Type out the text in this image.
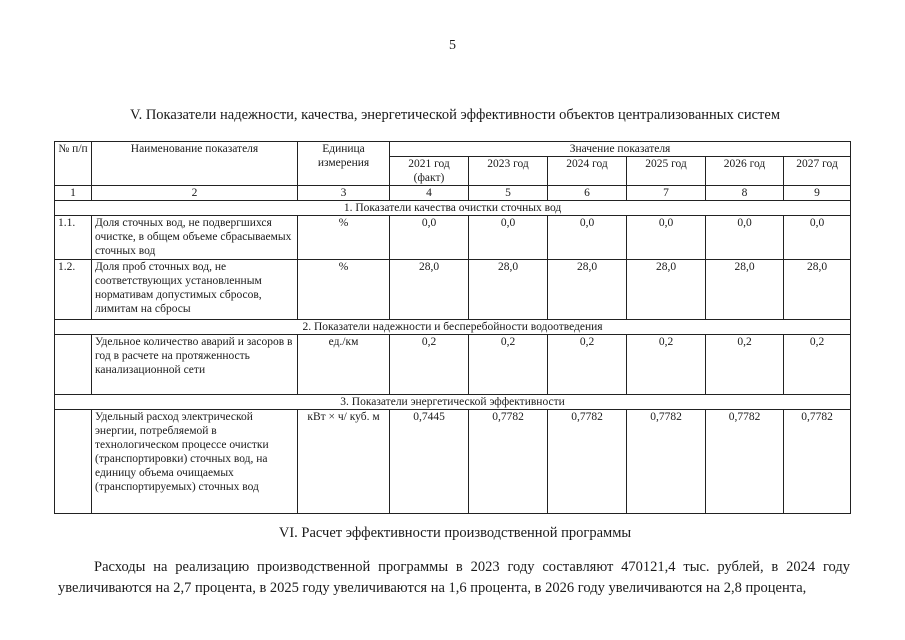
5
V. Показатели надежности, качества, энергетической эффективности объектов централизованных систем
№ п/п	Наименование показателя	Единица измерения	Значение показателя					
			2021 год (факт)	2023 год	2024 год	2025 год	2026 год	2027 год
1	2	3	4	5	6	7	8	9
1. Показатели качества очистки сточных вод								
1.1.	Доля сточных вод, не подвергшихся очистке, в общем объеме сбрасываемых сточных вод	%	0,0	0,0	0,0	0,0	0,0	0,0
1.2.	Доля проб сточных вод, не соответствующих установленным нормативам допустимых сбросов, лимитам на сбросы	%	28,0	28,0	28,0	28,0	28,0	28,0
2. Показатели надежности и бесперебойности водоотведения								
	Удельное количество аварий и засоров в год в расчете на протяженность канализационной сети	ед./км	0,2	0,2	0,2	0,2	0,2	0,2
3. Показатели энергетической эффективности								
	Удельный расход электрической энергии, потребляемой в технологическом процессе очистки (транспортировки) сточных вод, на единицу объема очищаемых (транспортируемых) сточных вод	кВт × ч/ куб. м	0,7445	0,7782	0,7782	0,7782	0,7782	0,7782
VI. Расчет эффективности производственной программы
Расходы на реализацию производственной программы в 2023 году составляют 470121,4 тыс. рублей, в 2024 году увеличиваются на 2,7 процента, в 2025 году увеличиваются на 1,6 процента, в 2026 году увеличиваются на 2,8 процента,
